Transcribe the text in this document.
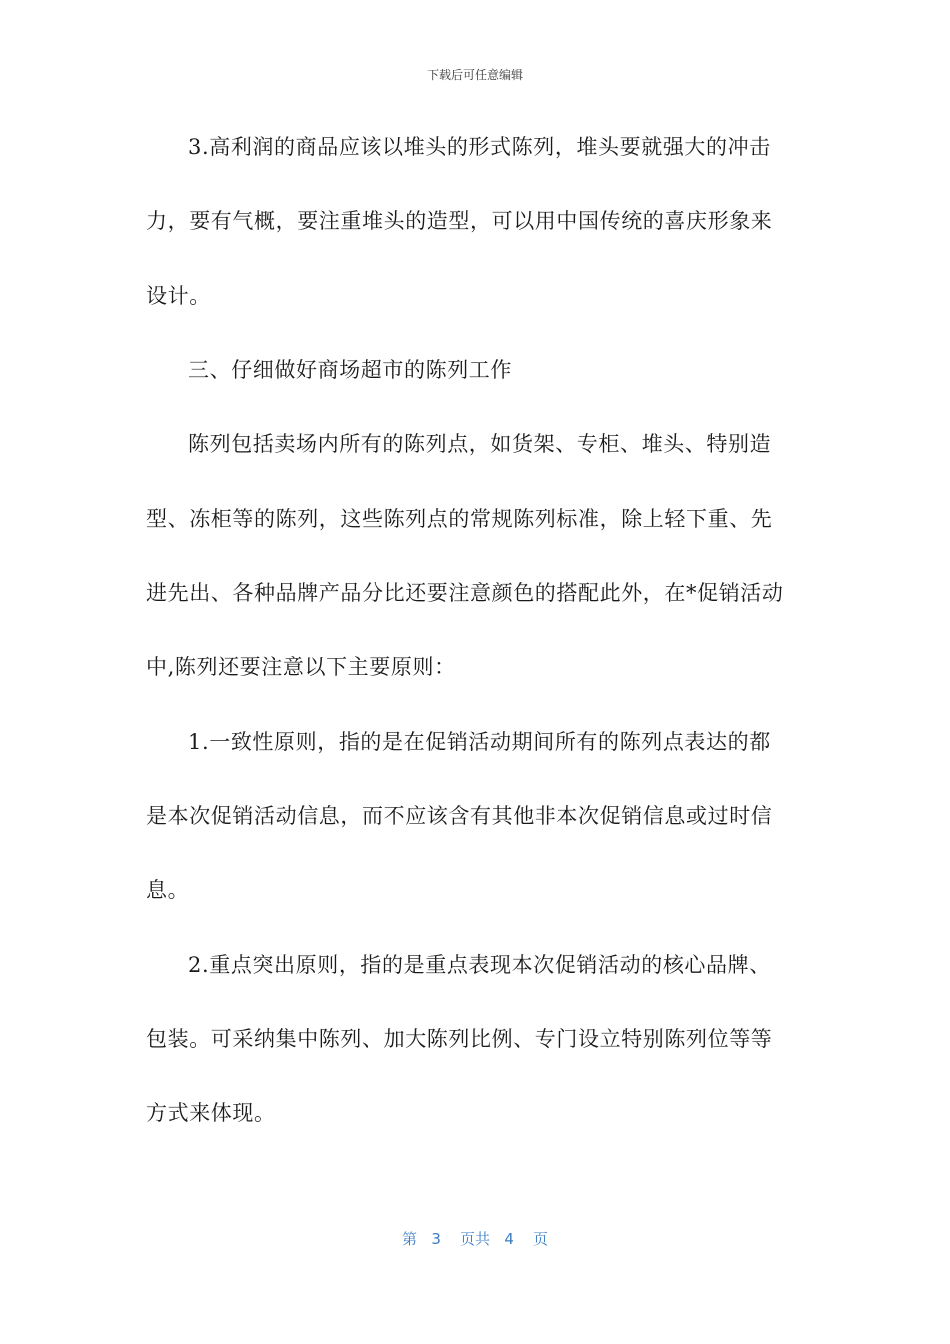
下载后可任意编辑
3.高利润的商品应该以堆头的形式陈列，堆头要就强大的冲击
力，要有气概，要注重堆头的造型，可以用中国传统的喜庆形象来
设计。
三、仔细做好商场超市的陈列工作
陈列包括卖场内所有的陈列点，如货架、专柜、堆头、特别造
型、冻柜等的陈列，这些陈列点的常规陈列标准，除上轻下重、先
进先出、各种品牌产品分比还要注意颜色的搭配此外，在*促销活动
中,陈列还要注意以下主要原则：
1.一致性原则，指的是在促销活动期间所有的陈列点表达的都
是本次促销活动信息，而不应该含有其他非本次促销信息或过时信
息。
2.重点突出原则，指的是重点表现本次促销活动的核心品牌、
包装。可采纳集中陈列、加大陈列比例、专门设立特别陈列位等等
方式来体现。
第 3 页共 4 页
